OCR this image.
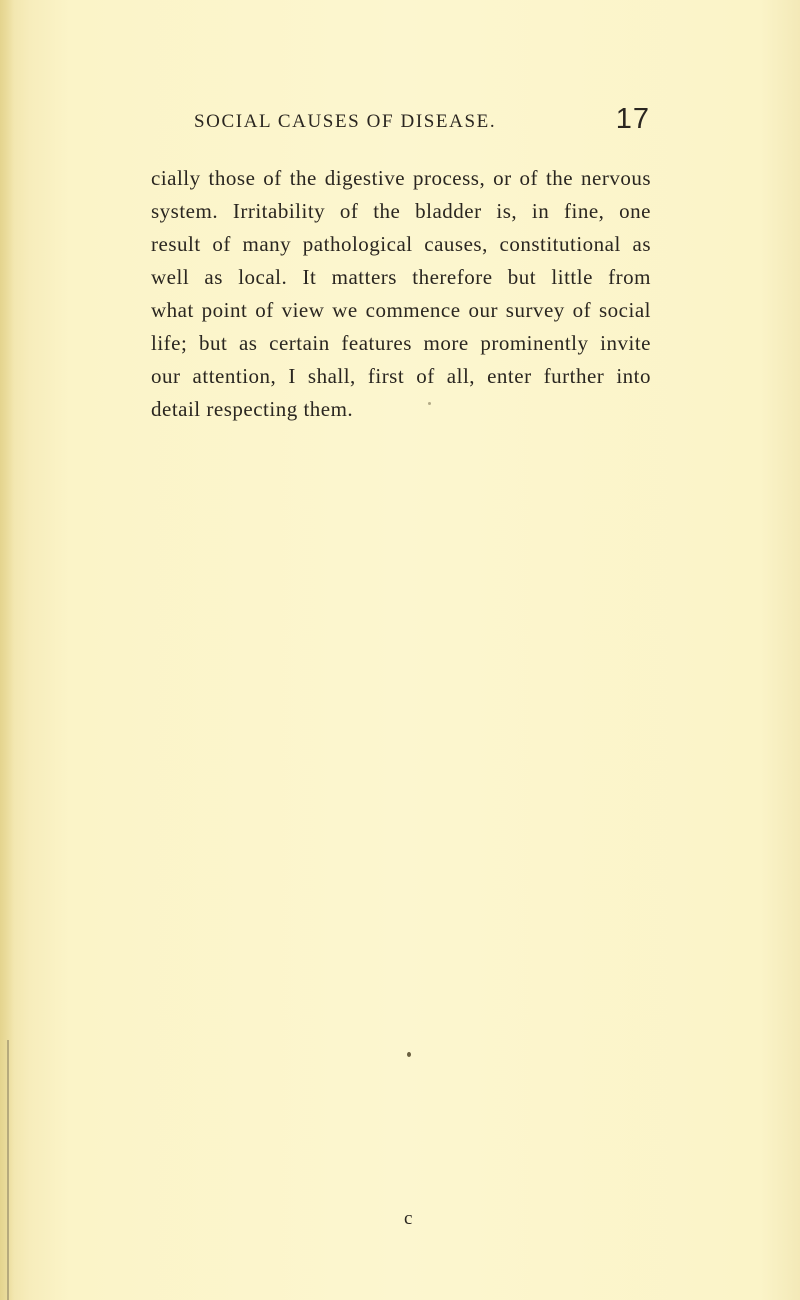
SOCIAL CAUSES OF DISEASE.	17
cially those of the digestive process, or of the nervous
system. Irritability of the bladder is, in fine, one
result of many pathological causes, constitutional as
well as local. It matters therefore but little from
what point of view we commence our survey of social
life; but as certain features more prominently invite
our attention, I shall, first of all, enter further into
detail respecting them.
c
